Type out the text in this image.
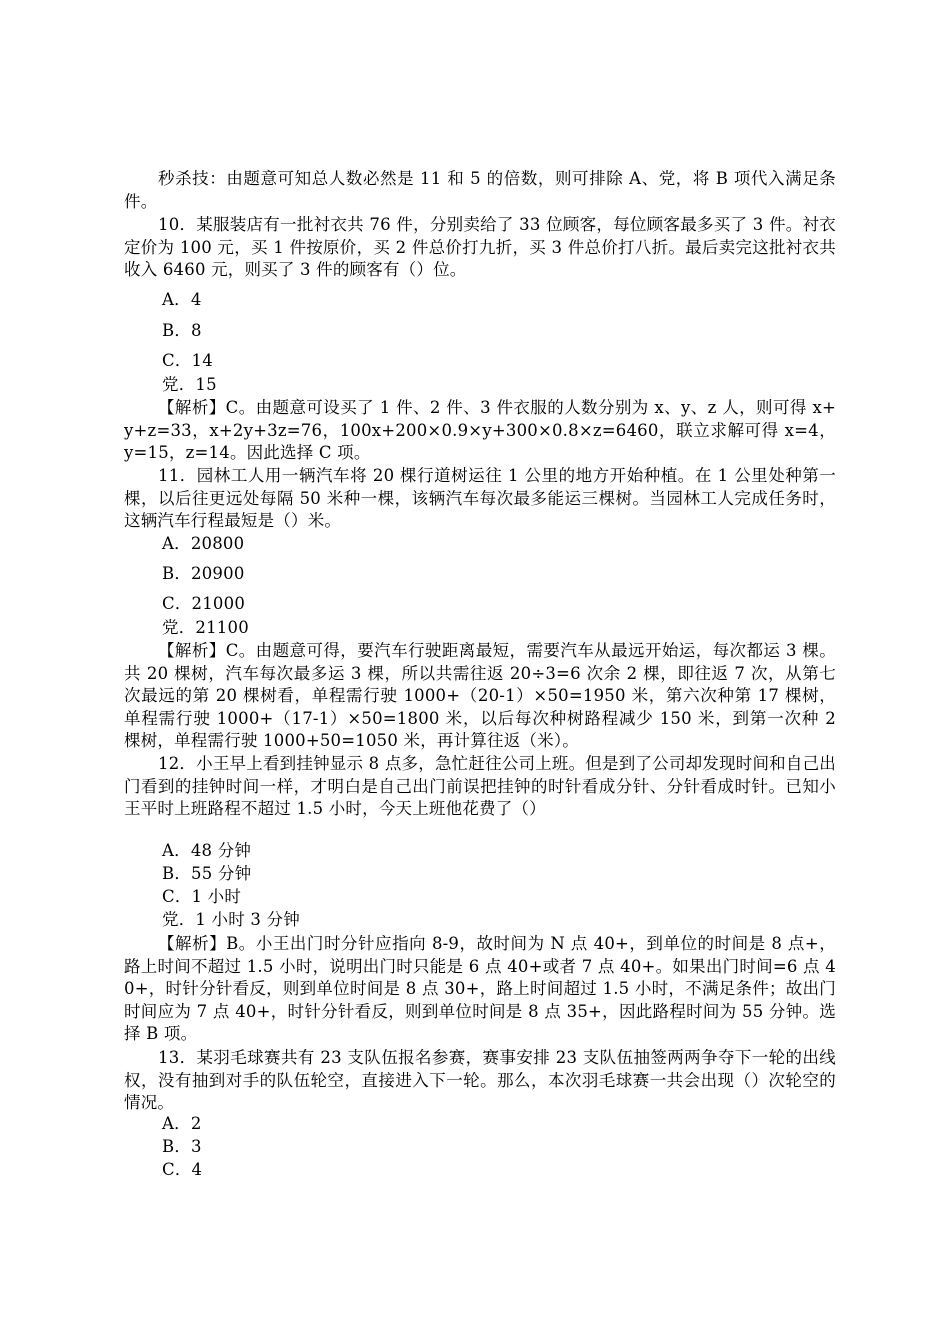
秒杀技：由题意可知总人数必然是 11 和 5 的倍数，则可排除 A、党，将 B 项代入满足条件。
10．某服装店有一批衬衣共 76 件，分别卖给了 33 位顾客，每位顾客最多买了 3 件。衬衣定价为 100 元，买 1 件按原价，买 2 件总价打九折，买 3 件总价打八折。最后卖完这批衬衣共收入 6460 元，则买了 3 件的顾客有（）位。
A．4
B．8
C．14
党．15
【解析】C。由题意可设买了 1 件、2 件、3 件衣服的人数分别为 x、y、z 人，则可得 x+y+z=33，x+2y+3z=76，100x+200×0.9×y+300×0.8×z=6460，联立求解可得 x=4，y=15，z=14。因此选择 C 项。
11．园林工人用一辆汽车将 20 棵行道树运往 1 公里的地方开始种植。在 1 公里处种第一棵，以后往更远处每隔 50 米种一棵，该辆汽车每次最多能运三棵树。当园林工人完成任务时，这辆汽车行程最短是（）米。
A．20800
B．20900
C．21000
党．21100
【解析】C。由题意可得，要汽车行驶距离最短，需要汽车从最远开始运，每次都运 3 棵。共 20 棵树，汽车每次最多运 3 棵，所以共需往返 20÷3=6 次余 2 棵，即往返 7 次，从第七次最远的第 20 棵树看，单程需行驶 1000+（20-1）×50=1950 米，第六次种第 17 棵树，单程需行驶 1000+（17-1）×50=1800 米，以后每次种树路程减少 150 米，到第一次种 2 棵树，单程需行驶 1000+50=1050 米，再计算往返（米）。
12．小王早上看到挂钟显示 8 点多，急忙赶往公司上班。但是到了公司却发现时间和自己出门看到的挂钟时间一样，才明白是自己出门前误把挂钟的时针看成分针、分针看成时针。已知小王平时上班路程不超过 1.5 小时，今天上班他花费了（）
A．48 分钟
B．55 分钟
C．1 小时
党．1 小时 3 分钟
【解析】B。小王出门时分针应指向 8-9，故时间为 N 点 40+，到单位的时间是 8 点+，路上时间不超过 1.5 小时，说明出门时只能是 6 点 40+或者 7 点 40+。如果出门时间=6 点 40+，时针分针看反，则到单位时间是 8 点 30+，路上时间超过 1.5 小时，不满足条件；故出门时间应为 7 点 40+，时针分针看反，则到单位时间是 8 点 35+，因此路程时间为 55 分钟。选择 B 项。
13．某羽毛球赛共有 23 支队伍报名参赛，赛事安排 23 支队伍抽签两两争夺下一轮的出线权，没有抽到对手的队伍轮空，直接进入下一轮。那么，本次羽毛球赛一共会出现（）次轮空的情况。
A．2
B．3
C．4
